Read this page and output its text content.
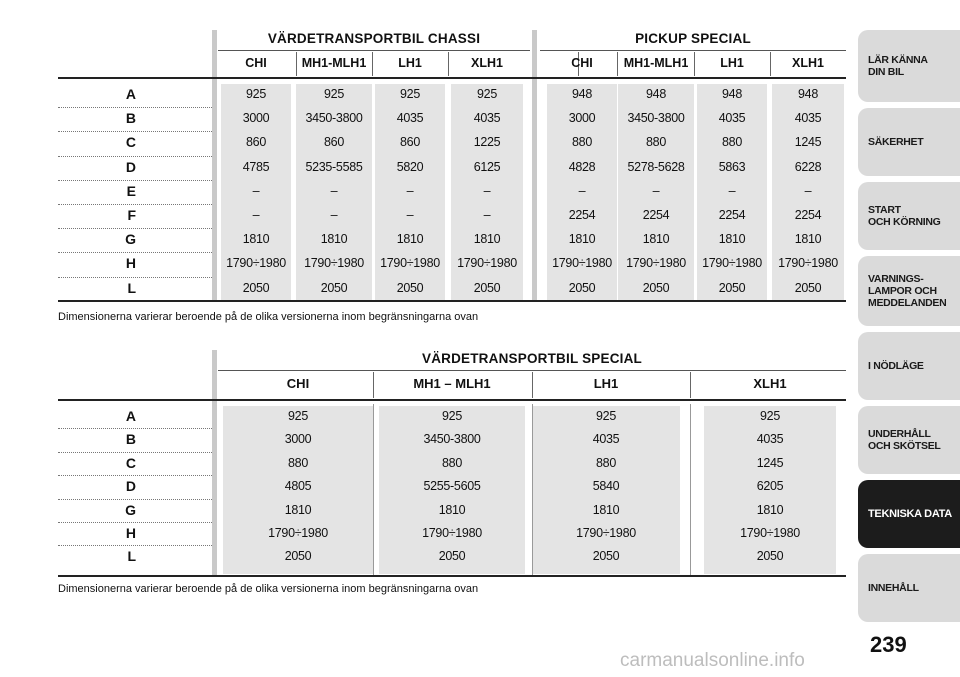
VÄRDETRANSPORTBIL CHASSI	PICKUP SPECIAL
CHI	MH1-MLH1	LH1	XLH1	CHI	MH1-MLH1	LH1	XLH1
A	925	925	925	925	948	948	948	948
B	3000	3450-3800	4035	4035	3000	3450-3800	4035	4035
C	860	860	860	1225	880	880	880	1245
D	4785	5235-5585	5820	6125	4828	5278-5628	5863	6228
E	–	–	–	–	–	–	–	–
F	–	–	–	–	2254	2254	2254	2254
G	1810	1810	1810	1810	1810	1810	1810	1810
H	1790÷1980	1790÷1980	1790÷1980	1790÷1980	1790÷1980	1790÷1980	1790÷1980	1790÷1980
L	2050	2050	2050	2050	2050	2050	2050	2050
Dimensionerna varierar beroende på de olika versionerna inom begränsningarna ovan
VÄRDETRANSPORTBIL SPECIAL
CHI	MH1 – MLH1	LH1	XLH1
A	925	925	925	925
B	3000	3450-3800	4035	4035
C	880	880	880	1245
D	4805	5255-5605	5840	6205
G	1810	1810	1810	1810
H	1790÷1980	1790÷1980	1790÷1980	1790÷1980
L	2050	2050	2050	2050
Dimensionerna varierar beroende på de olika versionerna inom begränsningarna ovan
LÄR KÄNNA
DIN BIL
SÄKERHET
START
OCH KÖRNING
VARNINGS-
LAMPOR OCH
MEDDELANDEN
I NÖDLÄGE
UNDERHÅLL
OCH SKÖTSEL
TEKNISKA DATA
INNEHÅLL
239
carmanualsonline.info
